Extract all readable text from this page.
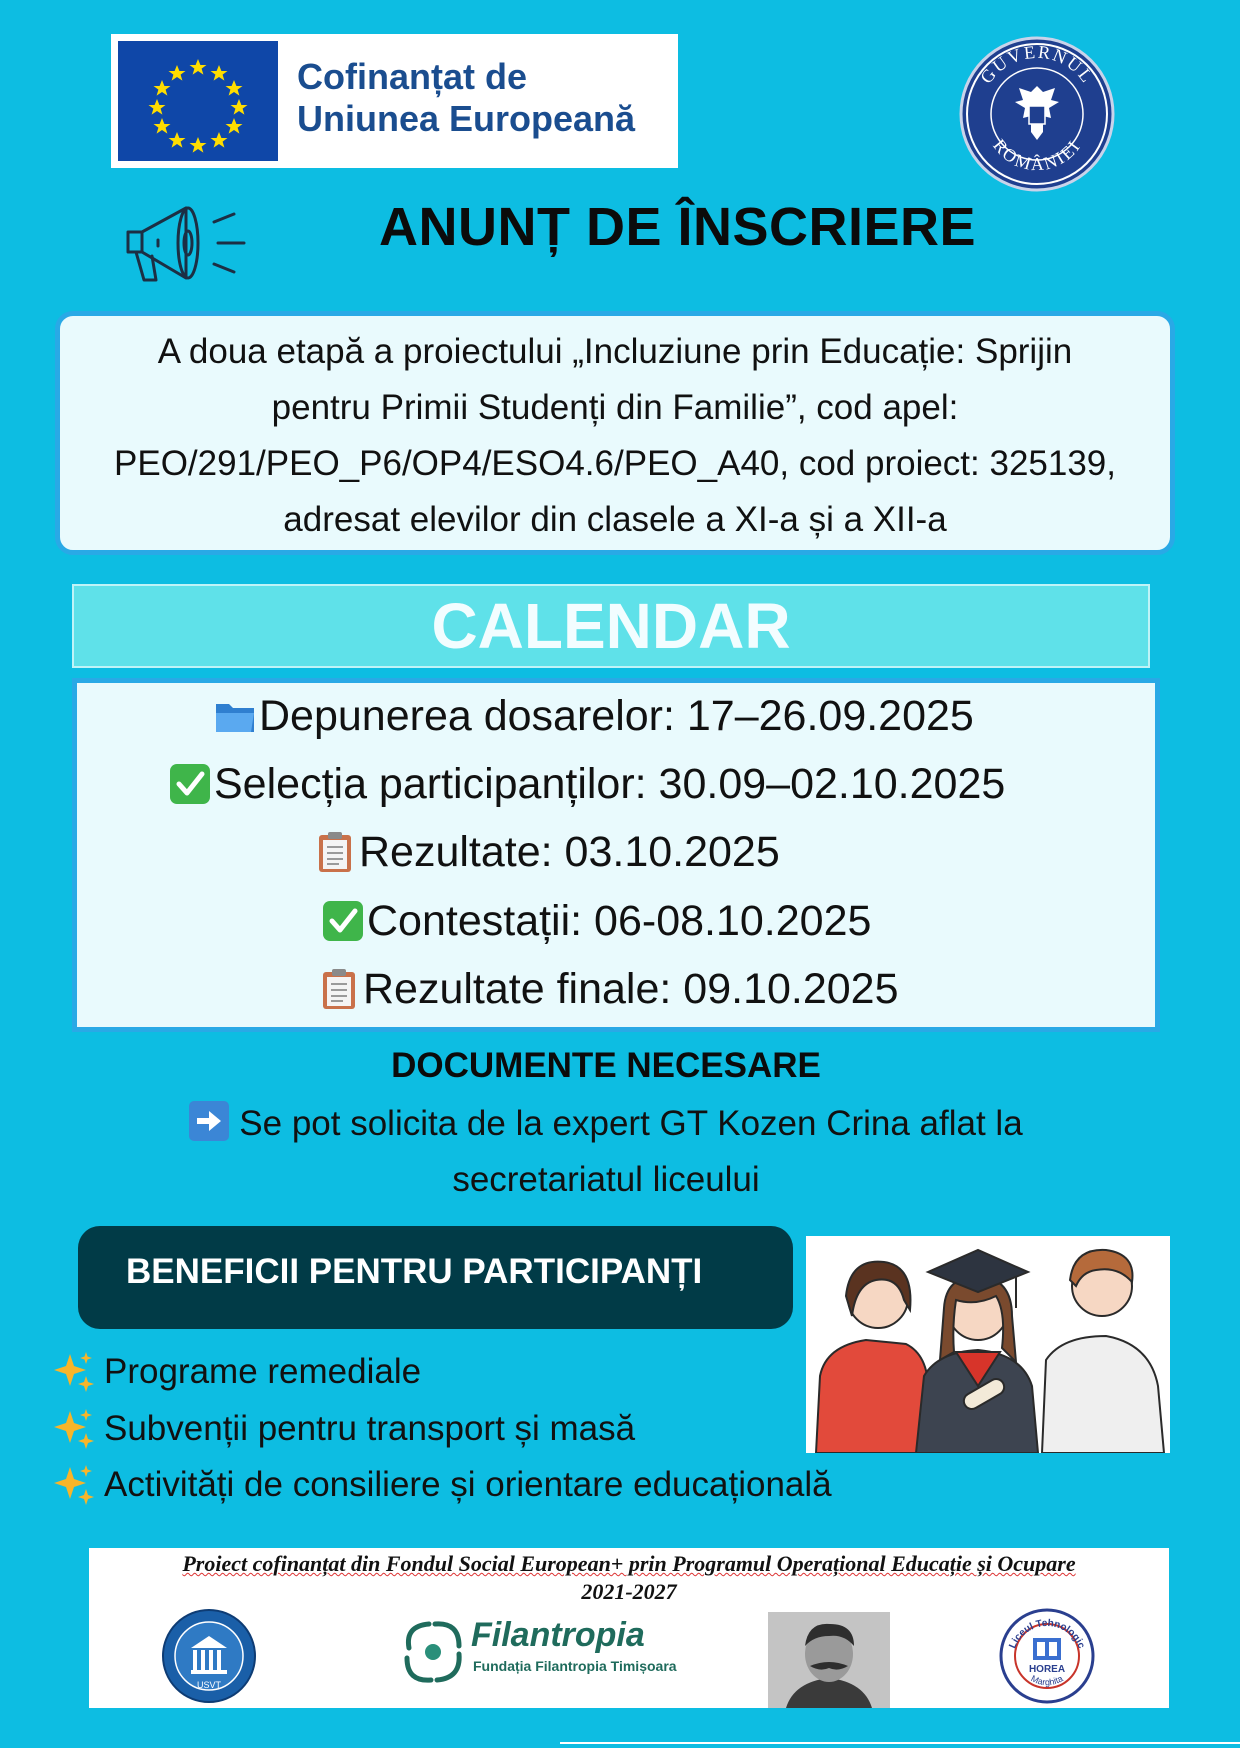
Cofinanțat de
Uniunea Europeană
GUVERNUL
ROMÂNIEI
ANUNȚ DE ÎNSCRIERE
A doua etapă a proiectului „Incluziune prin Educație: Sprijin
pentru Primii Studenți din Familie”, cod apel:
PEO/291/PEO_P6/OP4/ESO4.6/PEO_A40, cod proiect: 325139,
adresat elevilor din clasele a XI-a și a XII-a
CALENDAR
Depunerea dosarelor: 17–26.09.2025
Selecția participanților: 30.09–02.10.2025
Rezultate: 03.10.2025
Contestații: 06-08.10.2025
Rezultate finale: 09.10.2025
DOCUMENTE NECESARE
Se pot solicita de la expert GT Kozen Crina aflat la
secretariatul liceului
BENEFICII PENTRU PARTICIPANȚI
Programe remediale
Subvenții pentru transport și masă
Activități de consiliere și orientare educațională
Proiect cofinanțat din Fondul Social European+ prin Programul Operațional Educație și Ocupare
2021-2027
USVT
Filantropia
Fundația Filantropia Timișoara
Liceul Tehnologic
HOREA
Marghita
